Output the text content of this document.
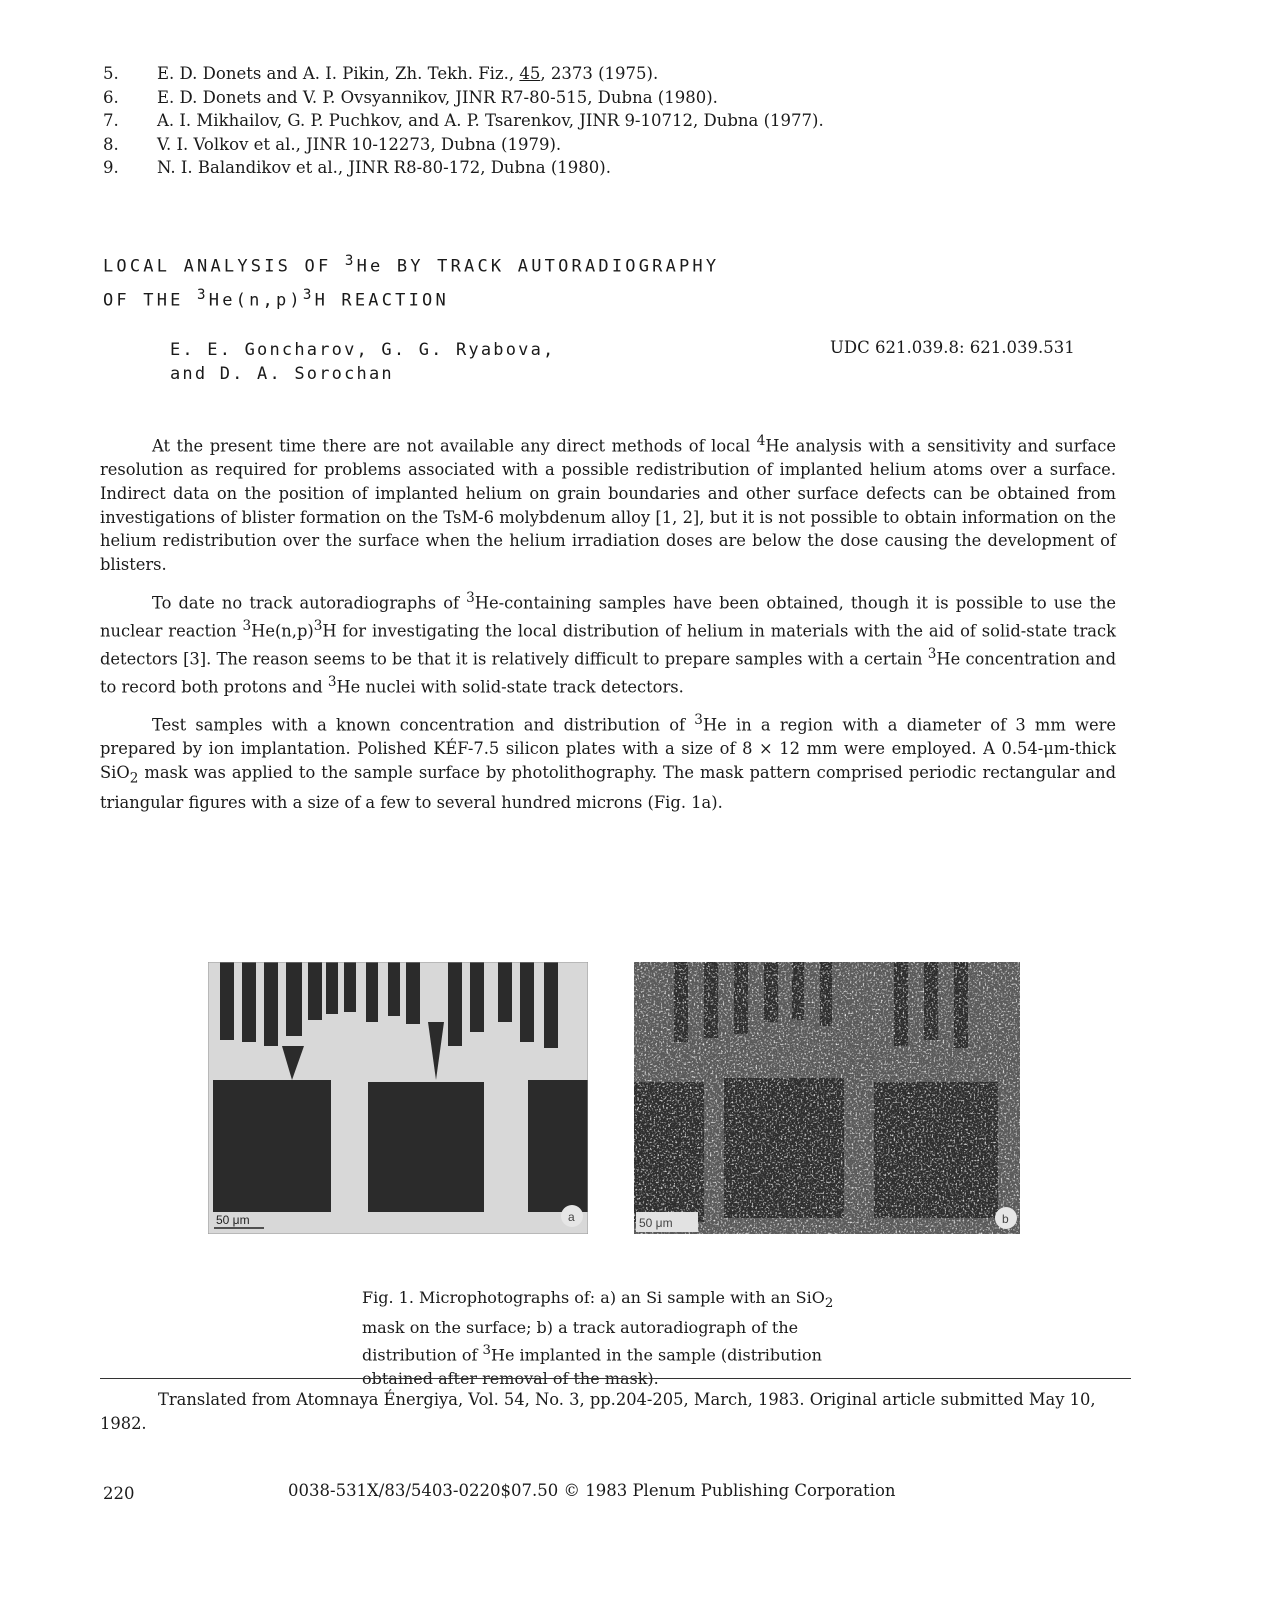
5.	E. D. Donets and A. I. Pikin, Zh. Tekh. Fiz., 45, 2373 (1975).
6.	E. D. Donets and V. P. Ovsyannikov, JINR R7-80-515, Dubna (1980).
7.	A. I. Mikhailov, G. P. Puchkov, and A. P. Tsarenkov, JINR 9-10712, Dubna (1977).
8.	V. I. Volkov et al., JINR 10-12273, Dubna (1979).
9.	N. I. Balandikov et al., JINR R8-80-172, Dubna (1980).
LOCAL ANALYSIS OF $^3$He BY TRACK AUTORADIOGRAPHY
OF THE $^3He(n,p)^3H$ REACTION
E. E. Goncharov, G. G. Ryabova,
and D. A. Sorochan
UDC 621.039.8: 621.039.531

At the present time there are not available any direct methods of local $^4$He analysis with a sensitivity and surface resolution as required for problems associated with a possible redistribution of implanted helium atoms over a surface. Indirect data on the position of implanted helium on grain boundaries and other surface defects can be obtained from investigations of blister formation on the TsM-6 molybdenum alloy [1, 2], but it is not possible to obtain information on the helium redistribution over the surface when the helium irradiation doses are below the dose causing the development of blisters.

To date no track autoradiographs of $^3$He-containing samples have been obtained, though it is possible to use the nuclear reaction $^3He(n,p)^3H$ for investigating the local distribution of helium in materials with the aid of solid-state track detectors [3]. The reason seems to be that it is relatively difficult to prepare samples with a certain $^3$He concentration and to record both protons and $^3$He nuclei with solid-state track detectors.

Test samples with a known concentration and distribution of $^3$He in a region with a diameter of 3 mm were prepared by ion implantation. Polished KÉF-7.5 silicon plates with a size of 8 × 12 mm were employed. A 0.54-μm-thick SiO$_2$ mask was applied to the sample surface by photolithography. The mask pattern comprised periodic rectangular and triangular figures with a size of a few to several hundred microns (Fig. 1a).

50 μm	a	50 μm	b
Fig. 1. Microphotographs of: a) an Si sample with an SiO$_2$ mask on the surface; b) a track autoradiograph of the distribution of $^3$He implanted in the sample (distribution obtained after removal of the mask).
Translated from Atomnaya Énergiya, Vol. 54, No. 3, pp.204-205, March, 1983. Original article submitted May 10, 1982.
220	0038-531X/83/5403-0220$07.50 © 1983 Plenum Publishing Corporation
